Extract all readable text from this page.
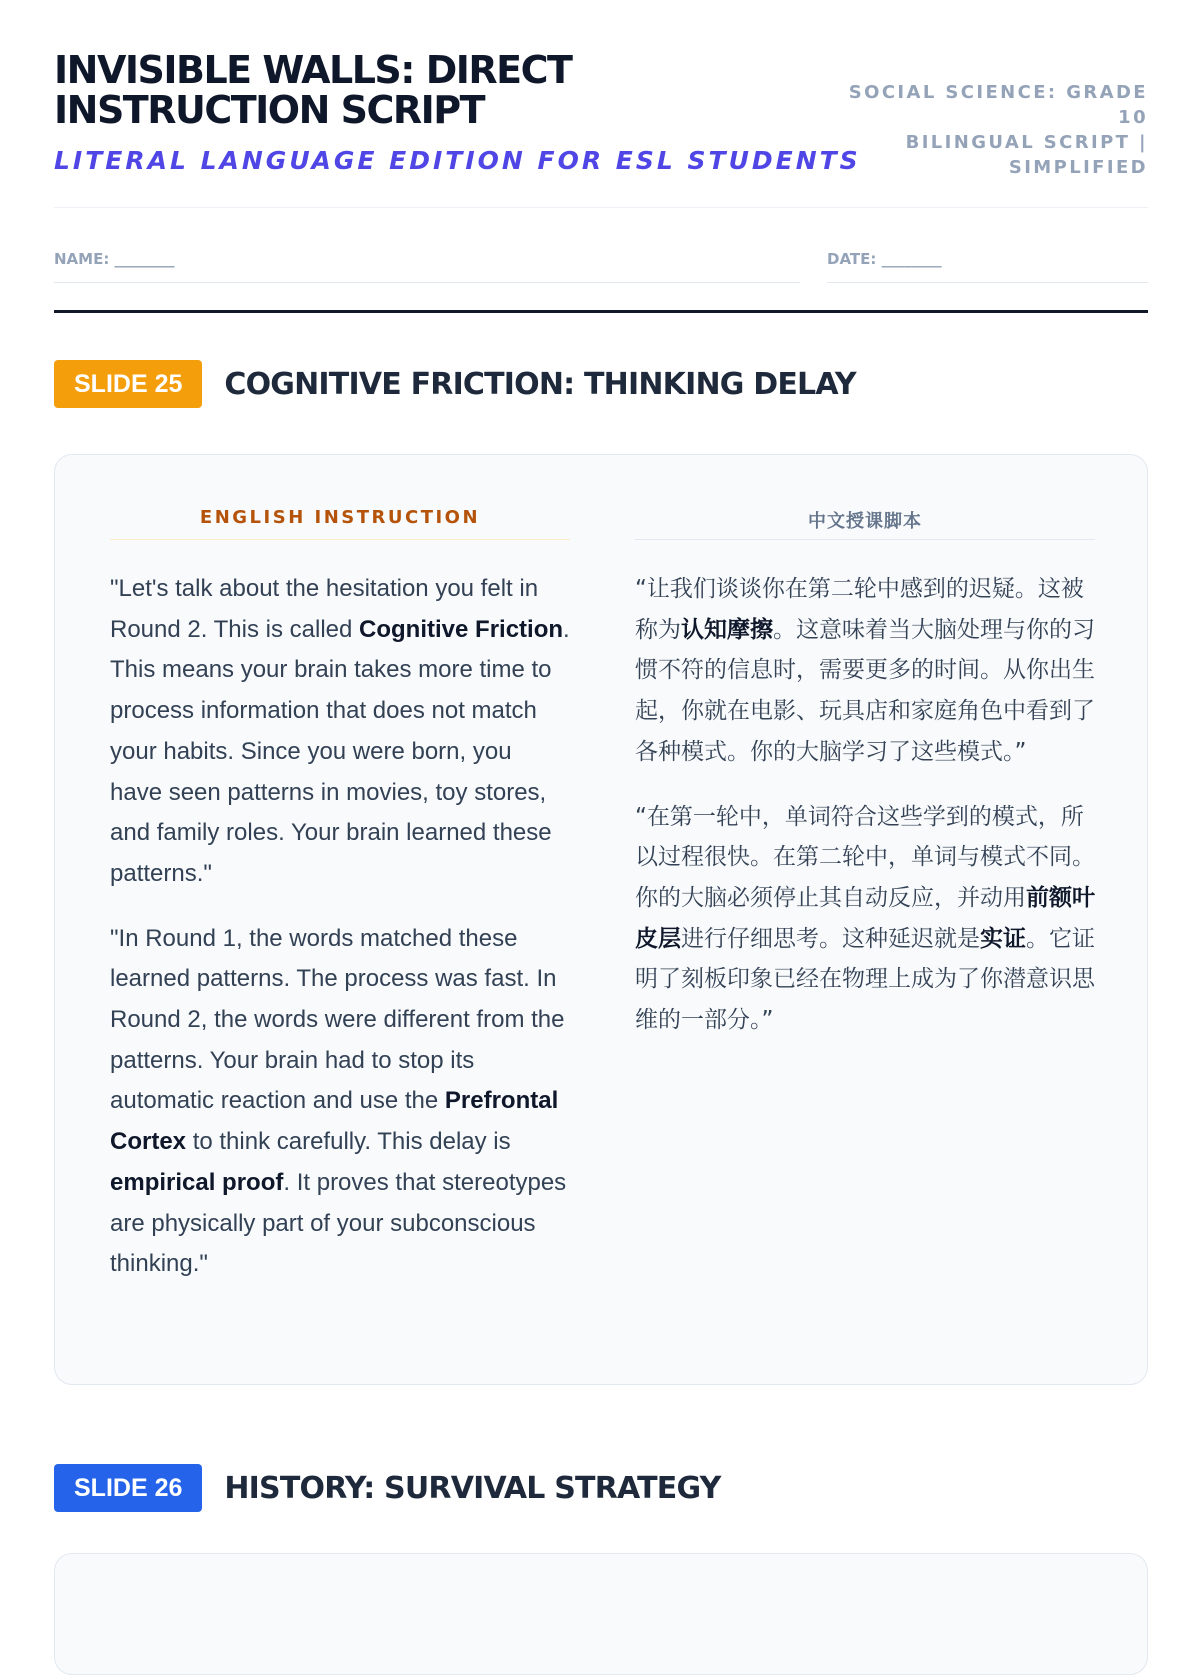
INVISIBLE WALLS: DIRECT INSTRUCTION SCRIPT
LITERAL LANGUAGE EDITION FOR ESL STUDENTS
SOCIAL SCIENCE: GRADE 10
BILINGUAL SCRIPT | SIMPLIFIED
NAME: ________	DATE: ________
SLIDE 25	COGNITIVE FRICTION: THINKING DELAY
ENGLISH INSTRUCTION

"Let's talk about the hesitation you felt in Round 2. This is called Cognitive Friction. This means your brain takes more time to process information that does not match your habits. Since you were born, you have seen patterns in movies, toy stores, and family roles. Your brain learned these patterns."

"In Round 1, the words matched these learned patterns. The process was fast. In Round 2, the words were different from the patterns. Your brain had to stop its automatic reaction and use the Prefrontal Cortex to think carefully. This delay is empirical proof. It proves that stereotypes are physically part of your subconscious thinking."

中文授课脚本

“让我们谈谈你在第二轮中感到的迟疑。这被称为认知摩擦。这意味着当大脑处理与你的习惯不符的信息时，需要更多的时间。从你出生起，你就在电影、玩具店和家庭角色中看到了各种模式。你的大脑学习了这些模式。”

“在第一轮中，单词符合这些学到的模式，所以过程很快。在第二轮中，单词与模式不同。你的大脑必须停止其自动反应，并动用前额叶皮层进行仔细思考。这种延迟就是实证。它证明了刻板印象已经在物理上成为了你潜意识思维的一部分。”

SLIDE 26	HISTORY: SURVIVAL STRATEGY
